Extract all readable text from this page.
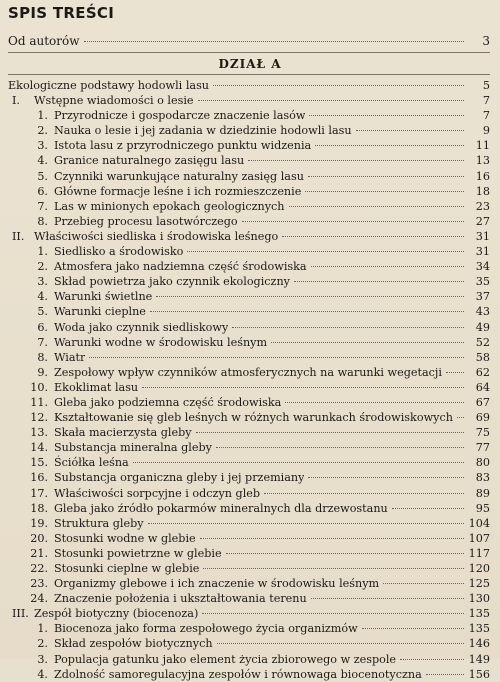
SPIS TREŚCI
Od autorów	3
DZIAŁ A
Ekologiczne podstawy hodowli lasu	5
I.	Wstępne wiadomości o lesie	7
1. Przyrodnicze i gospodarcze znaczenie lasów	7
2. Nauka o lesie i jej zadania w dziedzinie hodowli lasu	9
3. Istota lasu z przyrodniczego punktu widzenia	11
4. Granice naturalnego zasięgu lasu	13
5. Czynniki warunkujące naturalny zasięg lasu	16
6. Główne formacje leśne i ich rozmieszczenie	18
7. Las w minionych epokach geologicznych	23
8. Przebieg procesu lasotwórczego	27
II. Właściwości siedliska i środowiska leśnego	31
1. Siedlisko a środowisko	31
2. Atmosfera jako nadziemna część środowiska	34
3. Skład powietrza jako czynnik ekologiczny	35
4. Warunki świetlne	37
5. Warunki cieplne	43
6. Woda jako czynnik siedliskowy	49
7. Warunki wodne w środowisku leśnym	52
8. Wiatr	58
9. Zespołowy wpływ czynników atmosferycznych na warunki wegetacji	62
10. Ekoklimat lasu	64
11. Gleba jako podziemna część środowiska	67
12. Kształtowanie się gleb leśnych w różnych warunkach środowiskowych	69
13. Skała macierzysta gleby	75
14. Substancja mineralna gleby	77
15. Ściółka leśna	80
16. Substancja organiczna gleby i jej przemiany	83
17. Właściwości sorpcyjne i odczyn gleb	89
18. Gleba jako źródło pokarmów mineralnych dla drzewostanu	95
19. Struktura gleby	104
20. Stosunki wodne w glebie	107
21. Stosunki powietrzne w glebie	117
22. Stosunki cieplne w glebie	120
23. Organizmy glebowe i ich znaczenie w środowisku leśnym	125
24. Znaczenie położenia i ukształtowania terenu	130
III. Zespół biotyczny (biocenoza)	135
1. Biocenoza jako forma zespołowego życia organizmów	135
2. Skład zespołów biotycznych	146
3. Populacja gatunku jako element życia zbiorowego w zespole	149
4. Zdolność samoregulacyjna zespołów i równowaga biocenotyczna	156
